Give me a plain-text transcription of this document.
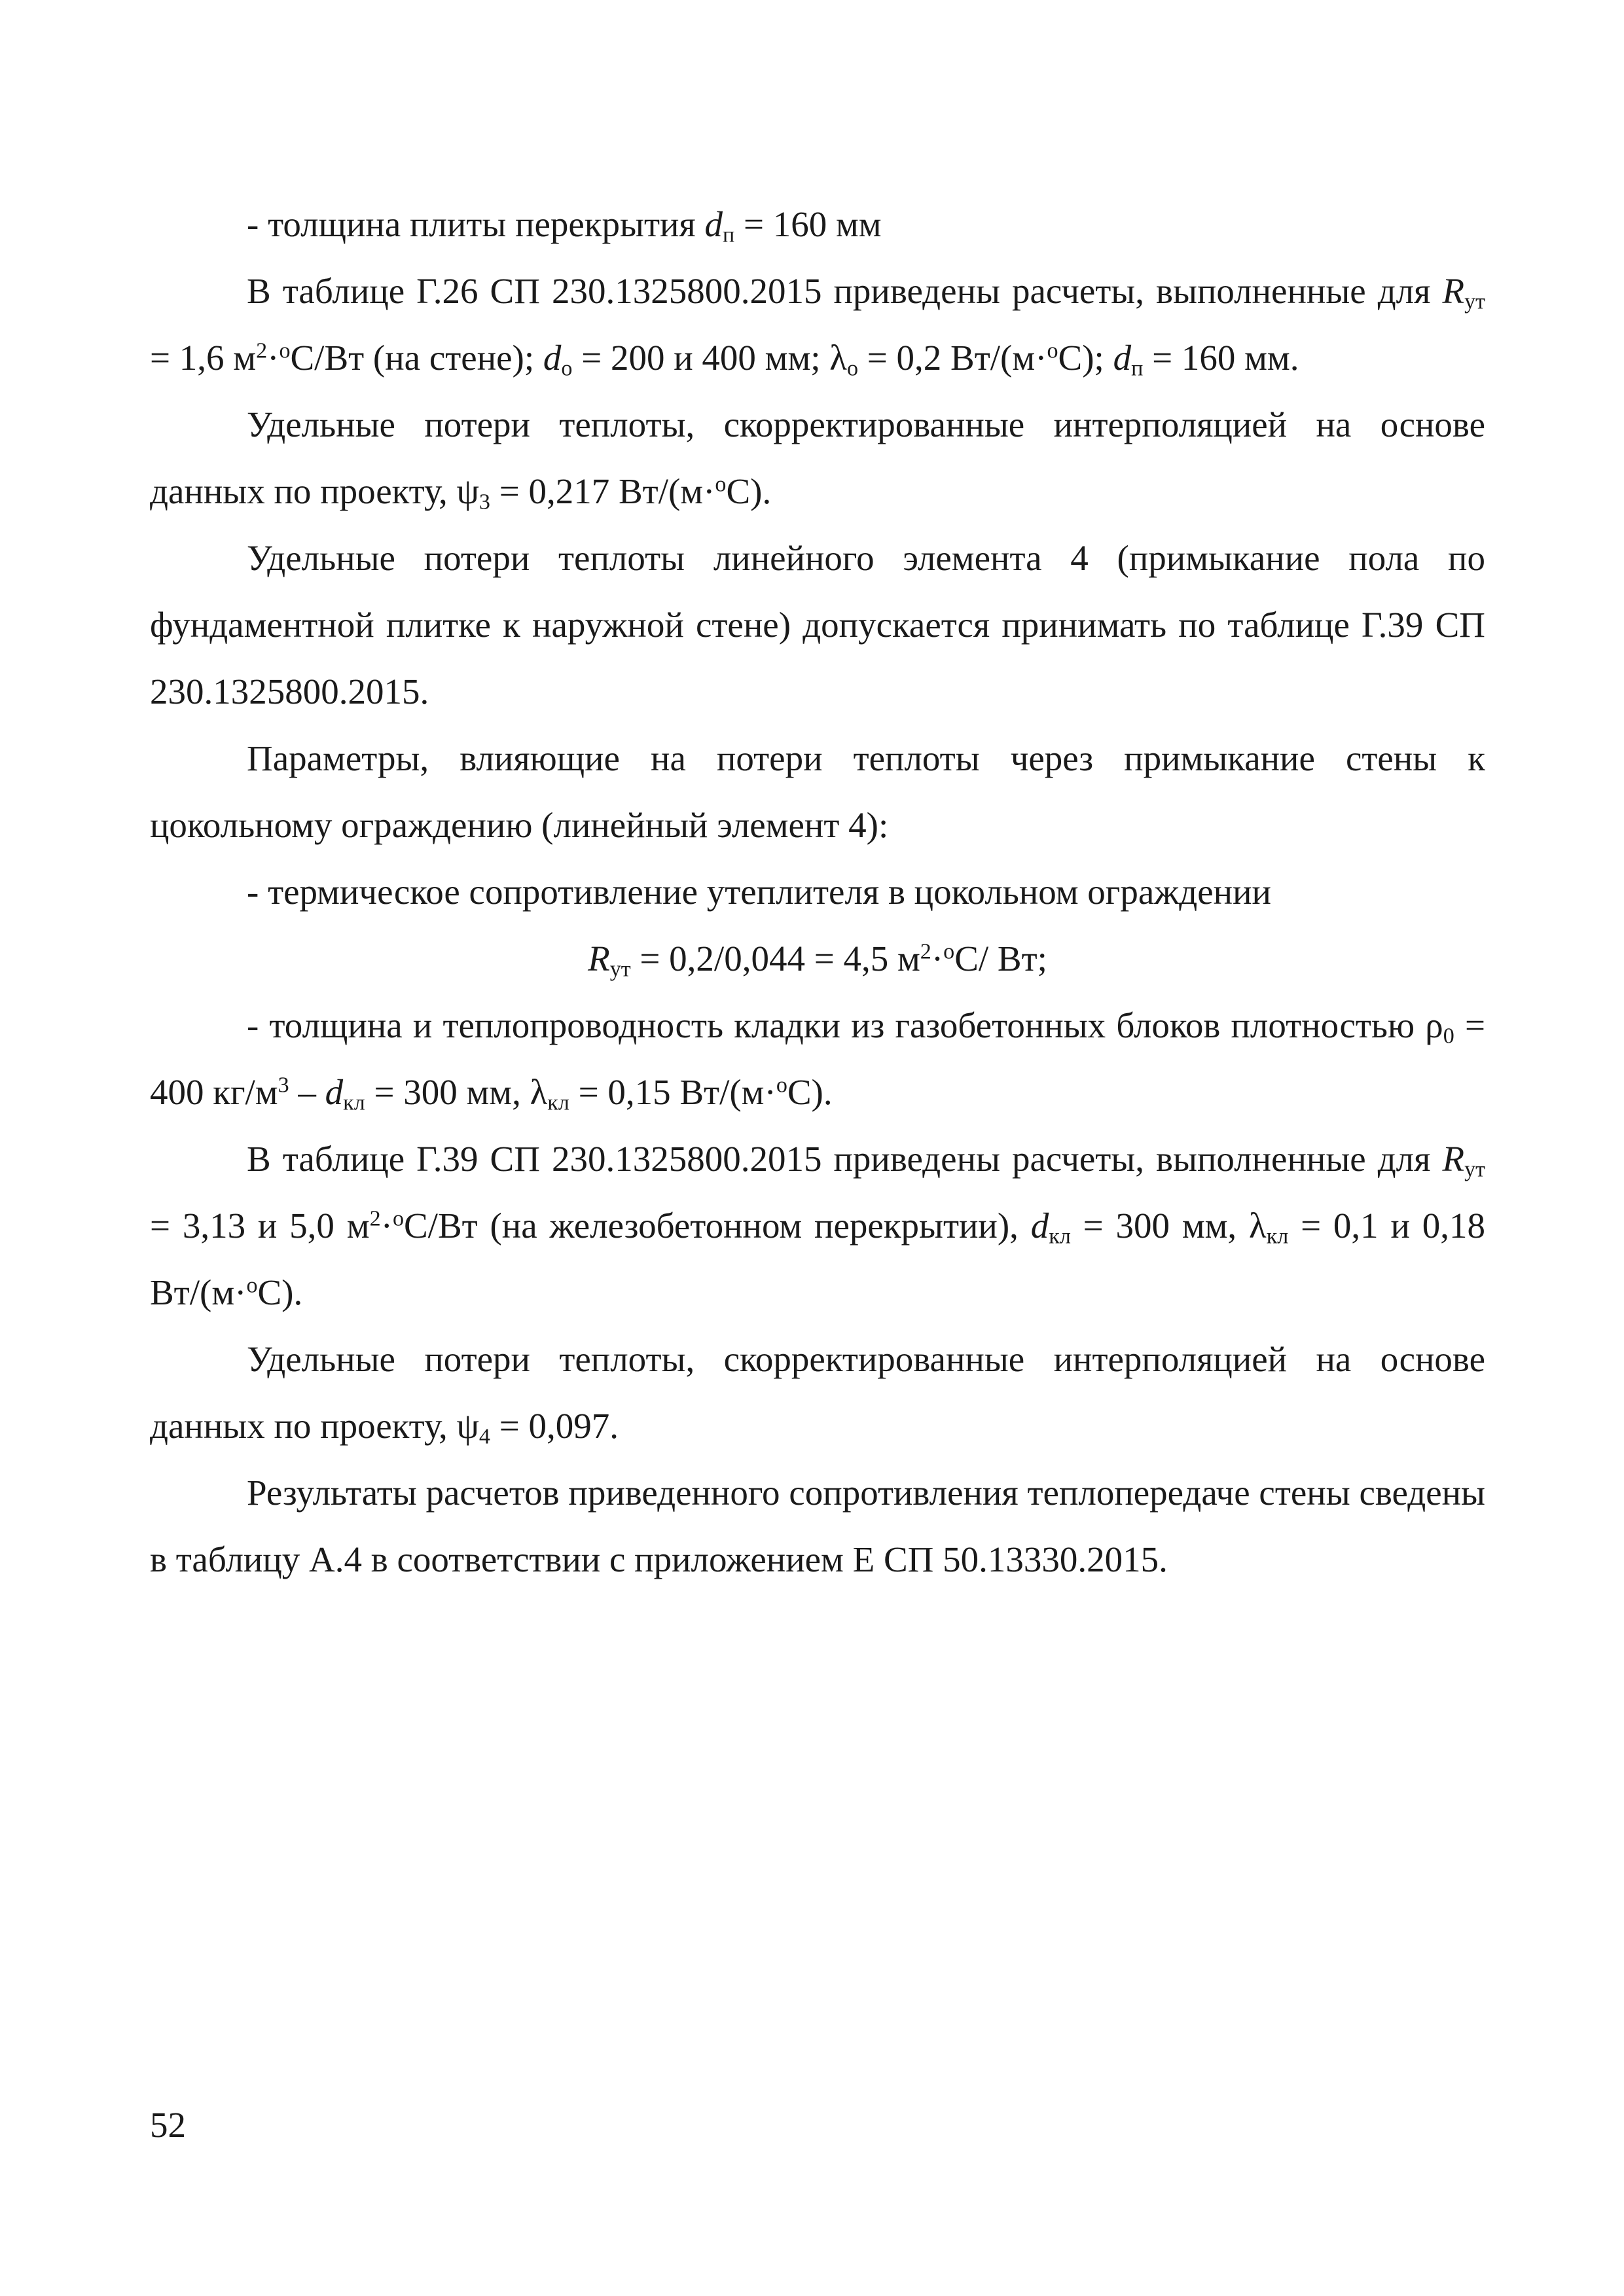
- толщина плиты перекрытия $d_п = 160$ мм

В таблице Г.26 СП 230.1325800.2015 приведены расчеты, выполненные для $R_{ут} = 1,6$ $м^2\cdot^оС/Вт$ (на стене); $d_о = 200$ и 400 мм; $\lambda_о = 0,2$ Вт/(м·$^о$С); $d_п = 160$ мм.

Удельные потери теплоты, скорректированные интерполяцией на основе данных по проекту, $\psi_3 = 0,217$ Вт/(м·$^о$С).

Удельные потери теплоты линейного элемента 4 (примыкание пола по фундаментной плитке к наружной стене) допускается принимать по таблице Г.39 СП 230.1325800.2015.

Параметры, влияющие на потери теплоты через примыкание стены к цокольному ограждению (линейный элемент 4):

- термическое сопротивление утеплителя в цокольном ограждении

$R_{ут} = 0,2/0,044 = 4,5$ $м^2\cdot^оС/$ Вт;

- толщина и теплопроводность кладки из газобетонных блоков плотностью $\rho_0 = 400$ $кг/м^3 - d_{кл} = 300$ мм, $\lambda_{кл} = 0,15$ Вт/(м·$^о$С).

В таблице Г.39 СП 230.1325800.2015 приведены расчеты, выполненные для $R_{ут} = 3,13$ и 5,0 $м^2\cdot^оС/Вт$ (на железобетонном перекрытии), $d_{кл} = 300$ мм, $\lambda_{кл} = 0,1$ и 0,18 Вт/(м·$^о$С).

Удельные потери теплоты, скорректированные интерполяцией на основе данных по проекту, $\psi_4 = 0,097$.

Результаты расчетов приведенного сопротивления теплопередаче стены сведены в таблицу А.4 в соответствии с приложением Е СП 50.13330.2015.

52
